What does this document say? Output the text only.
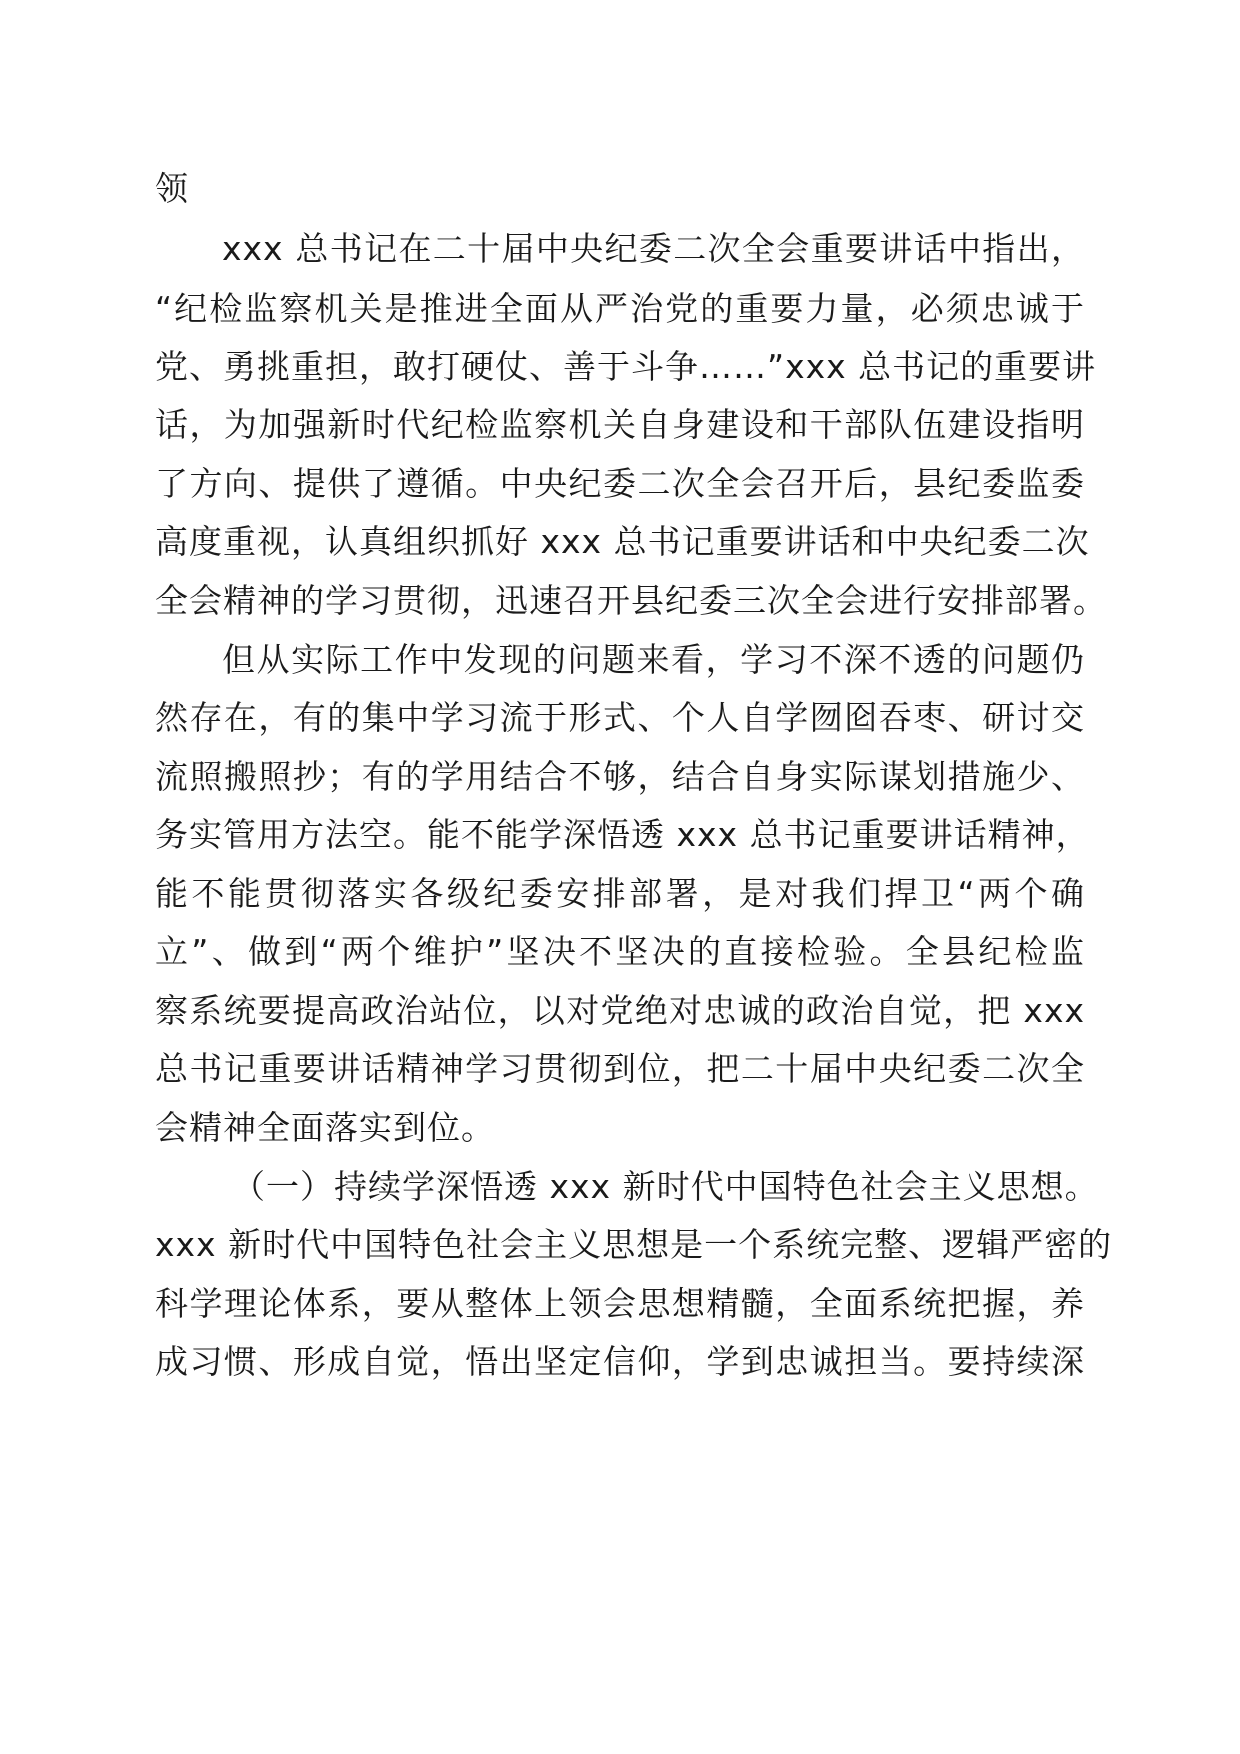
领

xxx 总书记在二十届中央纪委二次全会重要讲话中指出，

“纪检监察机关是推进全面从严治党的重要力量，必须忠诚于

党、勇挑重担，敢打硬仗、善于斗争……”xxx 总书记的重要讲

话，为加强新时代纪检监察机关自身建设和干部队伍建设指明

了方向、提供了遵循。中央纪委二次全会召开后，县纪委监委

高度重视，认真组织抓好 xxx 总书记重要讲话和中央纪委二次

全会精神的学习贯彻，迅速召开县纪委三次全会进行安排部署。

但从实际工作中发现的问题来看，学习不深不透的问题仍

然存在，有的集中学习流于形式、个人自学囫囵吞枣、研讨交

流照搬照抄；有的学用结合不够，结合自身实际谋划措施少、

务实管用方法空。能不能学深悟透 xxx 总书记重要讲话精神，

能不能贯彻落实各级纪委安排部署，是对我们捍卫“两个确

立”、做到“两个维护”坚决不坚决的直接检验。全县纪检监

察系统要提高政治站位，以对党绝对忠诚的政治自觉，把 xxx

总书记重要讲话精神学习贯彻到位，把二十届中央纪委二次全

会精神全面落实到位。

（一）持续学深悟透 xxx 新时代中国特色社会主义思想。

xxx 新时代中国特色社会主义思想是一个系统完整、逻辑严密的

科学理论体系，要从整体上领会思想精髓，全面系统把握，养

成习惯、形成自觉，悟出坚定信仰，学到忠诚担当。要持续深
